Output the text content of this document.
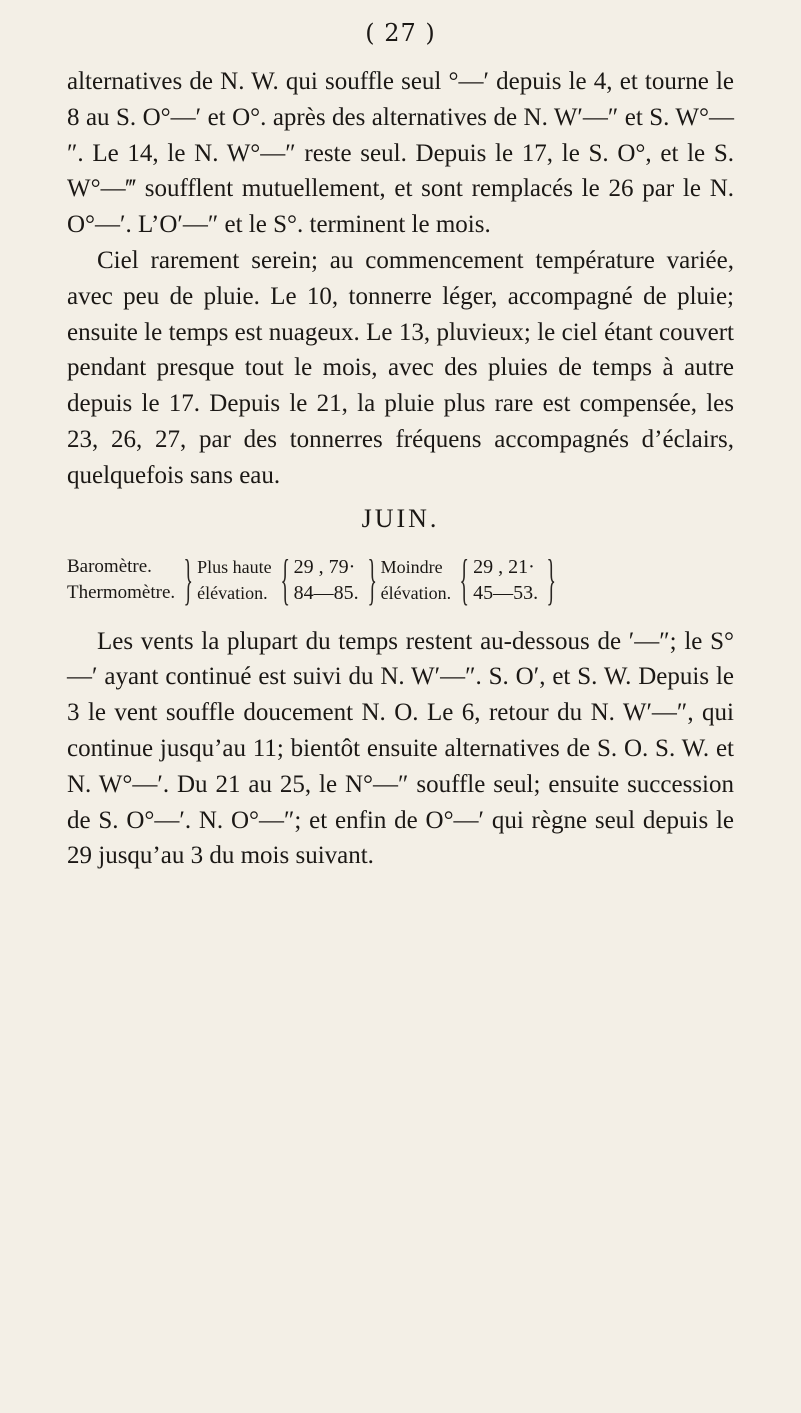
( 27 )

alternatives de N. W. qui souffle seul °—′ depuis le 4, et tourne le 8 au S. O°—′ et O°. après des alternatives de N. W′—″ et S. W°—″. Le 14, le N. W°—″ reste seul. Depuis le 17, le S. O°, et le S. W°—‴ soufflent mutuellement, et sont remplacés le 26 par le N. O°—′. L’O′—″ et le S°. terminent le mois.

Ciel rarement serein; au commencement température variée, avec peu de pluie. Le 10, tonnerre léger, accompagné de pluie; ensuite le temps est nuageux. Le 13, pluvieux; le ciel étant couvert pendant presque tout le mois, avec des pluies de temps à autre depuis le 17. Depuis le 21, la pluie plus rare est compensée, les 23, 26, 27, par des tonnerres fréquens accompagnés d’éclairs, quelquefois sans eau.

JUIN.
Baromètre.
Thermomètre. } Plus haute
élévation. { 29 , 79·
84—85. } Moindre
élévation. { 29 , 21·
45—53. }

Les vents la plupart du temps restent au-dessous de ′—″; le S°—′ ayant continué est suivi du N. W′—″. S. O′, et S. W. Depuis le 3 le vent souffle doucement N. O. Le 6, retour du N. W′—″, qui continue jusqu’au 11; bientôt ensuite alternatives de S. O. S. W. et N. W°—′. Du 21 au 25, le N°—″ souffle seul; ensuite succession de S. O°—′. N. O°—″; et enfin de O°—′ qui règne seul depuis le 29 jusqu’au 3 du mois suivant.
